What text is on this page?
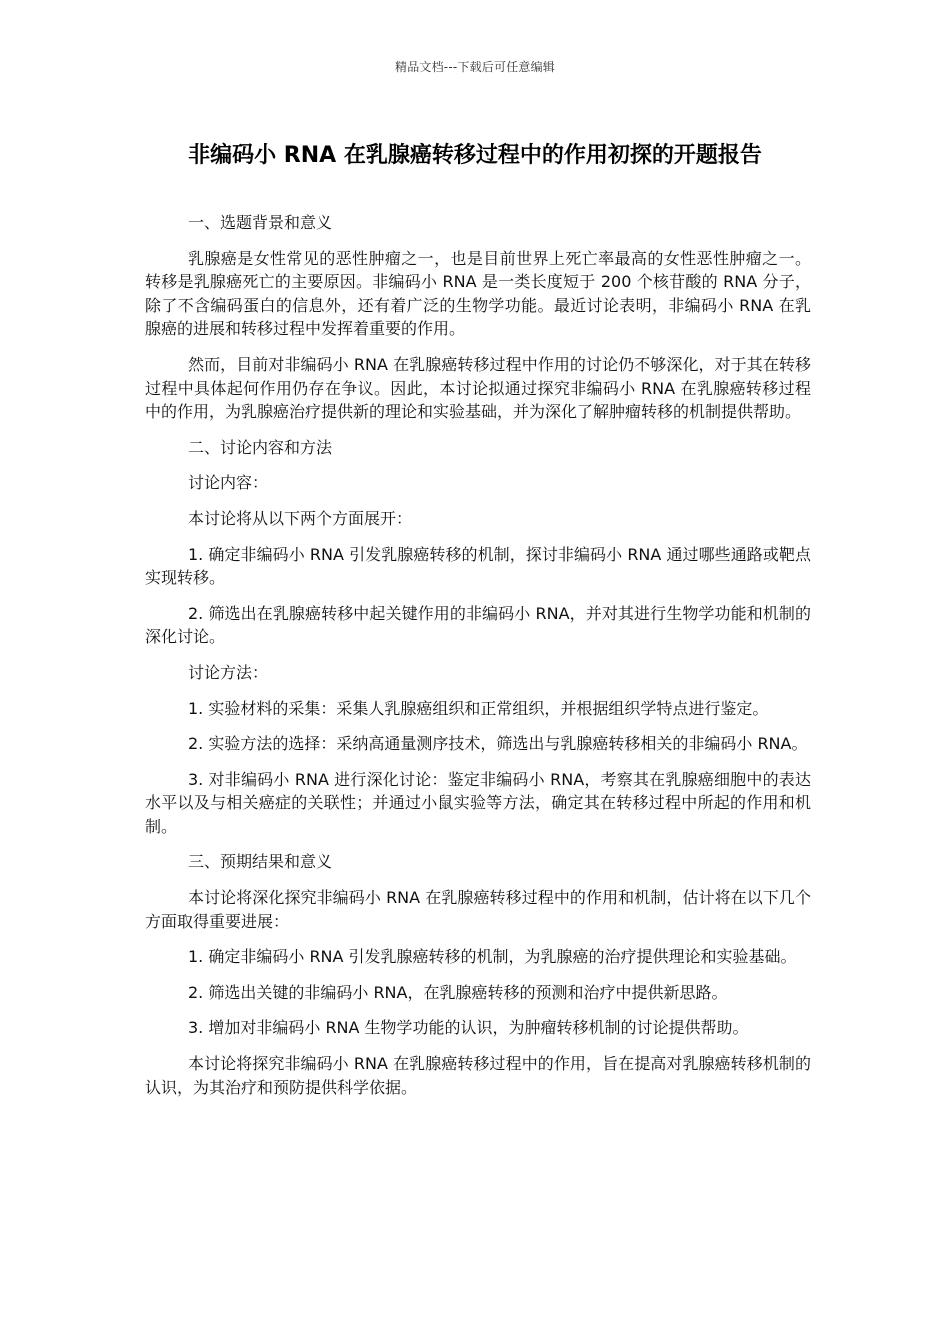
精品文档---下载后可任意编辑
非编码小 RNA 在乳腺癌转移过程中的作用初探的开题报告

一、选题背景和意义

乳腺癌是女性常见的恶性肿瘤之一，也是目前世界上死亡率最高的女性恶性肿瘤之一。转移是乳腺癌死亡的主要原因。非编码小 RNA 是一类长度短于 200 个核苷酸的 RNA 分子，除了不含编码蛋白的信息外，还有着广泛的生物学功能。最近讨论表明，非编码小 RNA 在乳腺癌的进展和转移过程中发挥着重要的作用。

然而，目前对非编码小 RNA 在乳腺癌转移过程中作用的讨论仍不够深化，对于其在转移过程中具体起何作用仍存在争议。因此，本讨论拟通过探究非编码小 RNA 在乳腺癌转移过程中的作用，为乳腺癌治疗提供新的理论和实验基础，并为深化了解肿瘤转移的机制提供帮助。

二、讨论内容和方法

讨论内容：

本讨论将从以下两个方面展开：

1. 确定非编码小 RNA 引发乳腺癌转移的机制，探讨非编码小 RNA 通过哪些通路或靶点实现转移。

2. 筛选出在乳腺癌转移中起关键作用的非编码小 RNA，并对其进行生物学功能和机制的深化讨论。

讨论方法：

1. 实验材料的采集：采集人乳腺癌组织和正常组织，并根据组织学特点进行鉴定。

2. 实验方法的选择：采纳高通量测序技术，筛选出与乳腺癌转移相关的非编码小 RNA。

3. 对非编码小 RNA 进行深化讨论：鉴定非编码小 RNA，考察其在乳腺癌细胞中的表达水平以及与相关癌症的关联性；并通过小鼠实验等方法，确定其在转移过程中所起的作用和机制。

三、预期结果和意义

本讨论将深化探究非编码小 RNA 在乳腺癌转移过程中的作用和机制，估计将在以下几个方面取得重要进展：

1. 确定非编码小 RNA 引发乳腺癌转移的机制，为乳腺癌的治疗提供理论和实验基础。

2. 筛选出关键的非编码小 RNA，在乳腺癌转移的预测和治疗中提供新思路。

3. 增加对非编码小 RNA 生物学功能的认识，为肿瘤转移机制的讨论提供帮助。

本讨论将探究非编码小 RNA 在乳腺癌转移过程中的作用，旨在提高对乳腺癌转移机制的认识，为其治疗和预防提供科学依据。
